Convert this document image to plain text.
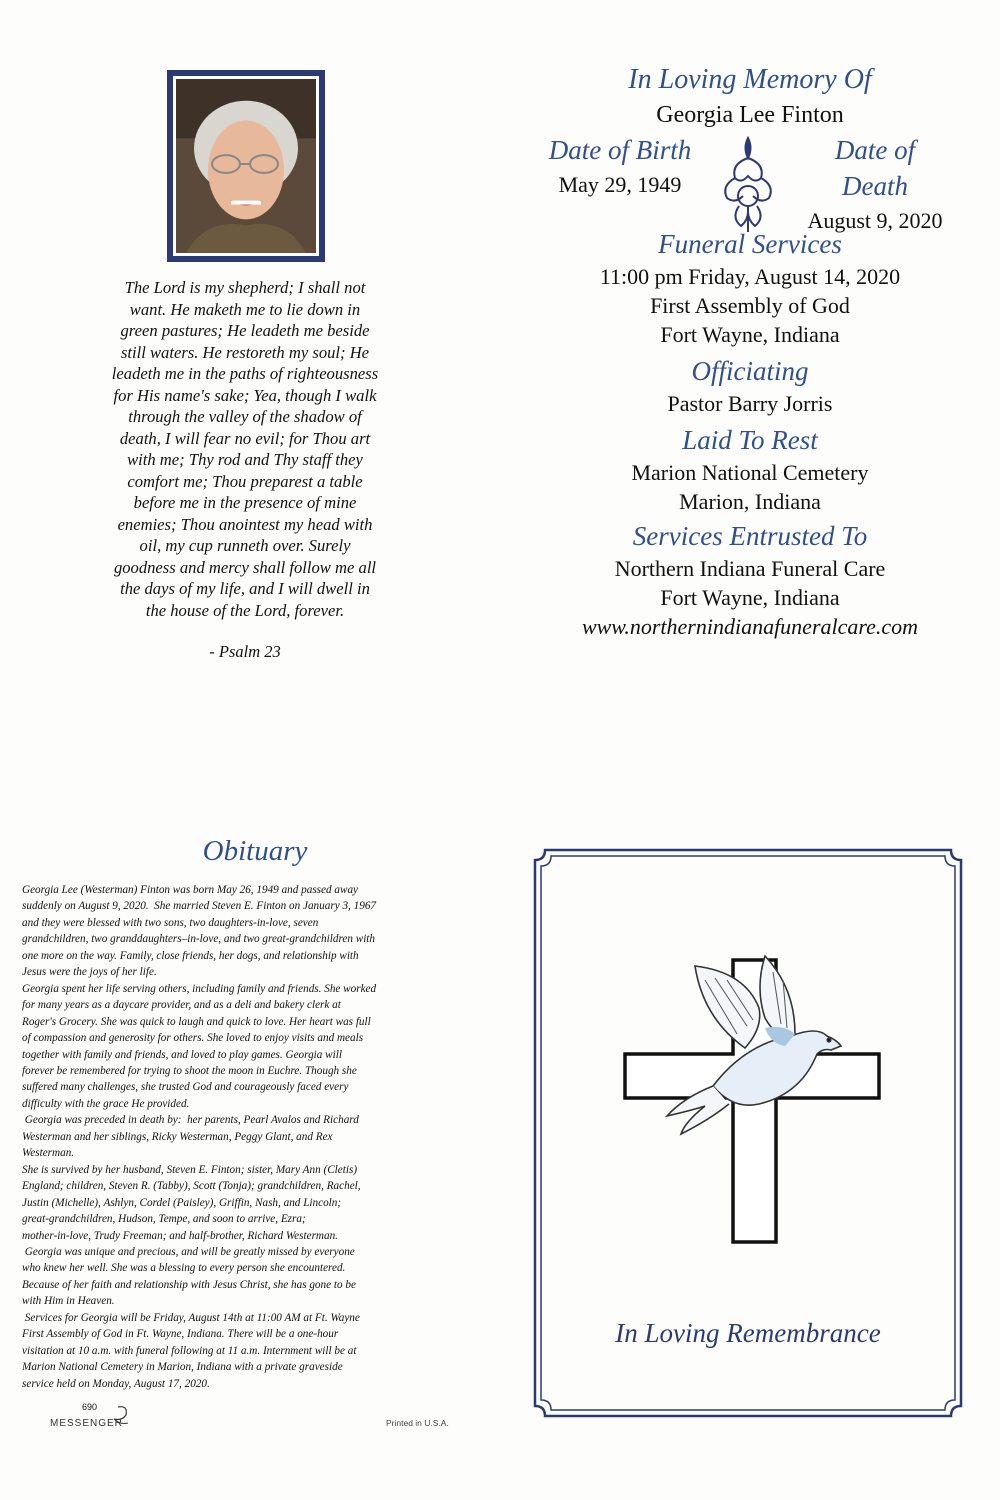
The Lord is my shepherd; I shall not
want. He maketh me to lie down in
green pastures; He leadeth me beside
still waters. He restoreth my soul; He
leadeth me in the paths of righteousness
for His name's sake; Yea, though I walk
through the valley of the shadow of
death, I will fear no evil; for Thou art
with me; Thy rod and Thy staff they
comfort me; Thou preparest a table
before me in the presence of mine
enemies; Thou anointest my head with
oil, my cup runneth over. Surely
goodness and mercy shall follow me all
the days of my life, and I will dwell in
the house of the Lord, forever.
- Psalm 23
In Loving Memory Of
Georgia Lee Finton
Date of Birth
May 29, 1949
Date of Death
August 9, 2020
Funeral Services
11:00 pm Friday, August 14, 2020
First Assembly of God
Fort Wayne, Indiana
Officiating
Pastor Barry Jorris
Laid To Rest
Marion National Cemetery
Marion, Indiana
Services Entrusted To
Northern Indiana Funeral Care
Fort Wayne, Indiana
www.northernindianafuneralcare.com
Obituary
Georgia Lee (Westerman) Finton was born May 26, 1949 and passed away
suddenly on August 9, 2020.  She married Steven E. Finton on January 3, 1967
and they were blessed with two sons, two daughters-in-love, seven
grandchildren, two granddaughters–in-love, and two great-grandchildren with
one more on the way. Family, close friends, her dogs, and relationship with
Jesus were the joys of her life.
Georgia spent her life serving others, including family and friends. She worked
for many years as a daycare provider, and as a deli and bakery clerk at
Roger's Grocery. She was quick to laugh and quick to love. Her heart was full
of compassion and generosity for others. She loved to enjoy visits and meals
together with family and friends, and loved to play games. Georgia will
forever be remembered for trying to shoot the moon in Euchre. Though she
suffered many challenges, she trusted God and courageously faced every
difficulty with the grace He provided.
Georgia was preceded in death by:  her parents, Pearl Avalos and Richard
Westerman and her siblings, Ricky Westerman, Peggy Glant, and Rex
Westerman.
She is survived by her husband, Steven E. Finton; sister, Mary Ann (Cletis)
England; children, Steven R. (Tabby), Scott (Tonja); grandchildren, Rachel,
Justin (Michelle), Ashlyn, Cordel (Paisley), Griffin, Nash, and Lincoln;
great-grandchildren, Hudson, Tempe, and soon to arrive, Ezra;
mother-in-love, Trudy Freeman; and half-brother, Richard Westerman.
Georgia was unique and precious, and will be greatly missed by everyone
who knew her well. She was a blessing to every person she encountered.
Because of her faith and relationship with Jesus Christ, she has gone to be
with Him in Heaven.
Services for Georgia will be Friday, August 14th at 11:00 AM at Ft. Wayne
First Assembly of God in Ft. Wayne, Indiana. There will be a one-hour
visitation at 10 a.m. with funeral following at 11 a.m. Internment will be at
Marion National Cemetery in Marion, Indiana with a private graveside
service held on Monday, August 17, 2020.
690
MESSENGER	Printed in U.S.A.
In Loving Remembrance
